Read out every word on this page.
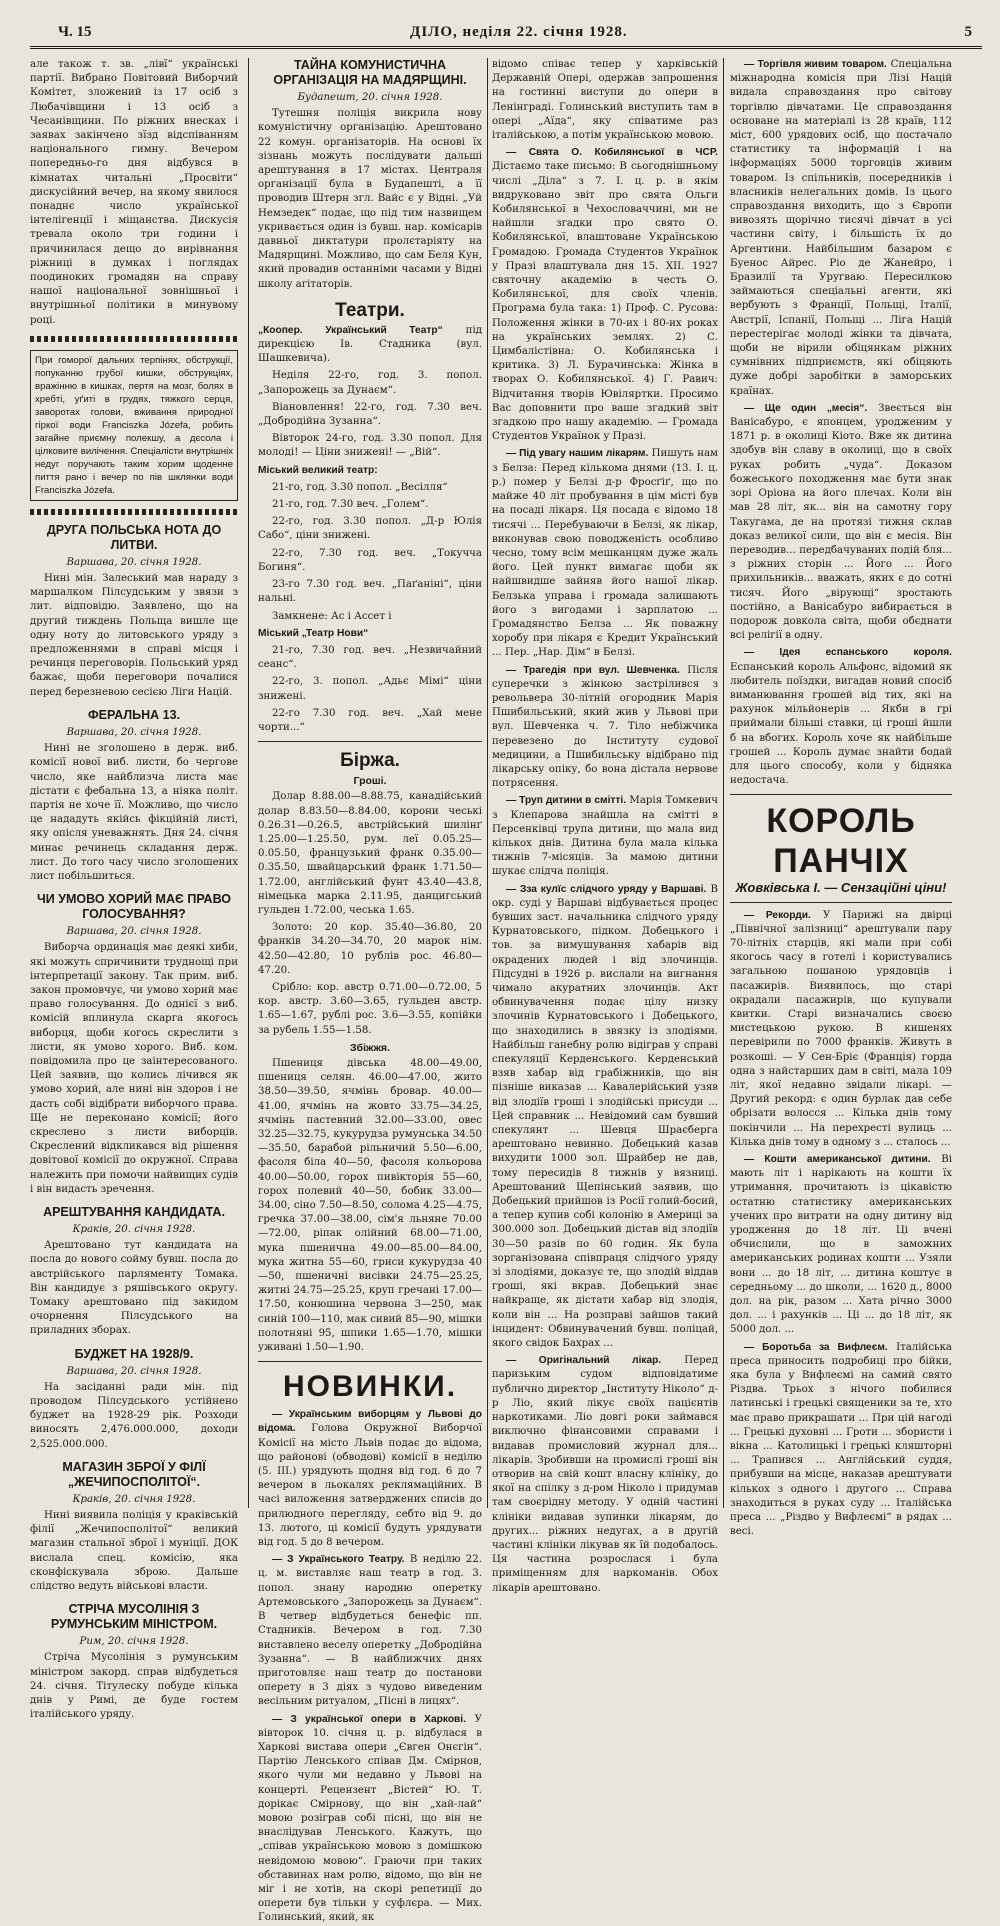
Ч. 15	ДІЛО, неділя 22. січня 1928.	5

але також т. зв. „лівї“ українські партії. Вибрано Повітовий Виборчий Комітет, зложений із 17 осіб з Любачівщини і 13 осіб з Чесанівщини. По ріжних внесках і заявах закінчено зїзд відспіванням національного гимну. Вечером попередньо-го дня відбувся в кімнатах читальні „Просвіти“ дискусійний вечер, на якому явилося понаднє число української інтелігенції і міщанства. Дискусія тревала около три години і причинилася дещо до вирівнання ріжниці в думках і поглядах поодиноких громадян на справу нашої національної зовнішньої і внутрішньої політики в минувому році.

При гоморої дальних терпінях, обструкції, попуканню грубої кишки, обструкціях, вражінню в кишках, пертя на мозг, болях в хребті, уґиті в грудях, тяжкого серця, заворотах голови, вживання природної гіркої води Franciszka Józefa, робить загайне приємну полекшу, а дєсола і цілковите вилічення. Спеціалісти внутрішніх недуг поручають таким хорим щоденне пиття рано і вечер по пів шклянки води Franciszka Józefa.
ДРУГА ПОЛЬСЬКА НОТА ДО ЛИТВИ.
Варшава, 20. січня 1928.

Нині мін. Залеський мав нараду з маршалком Пілсудським у звязи з лит. відповідю. Заявлено, що на другий тиждень Польща вишле ще одну ноту до литовського уряду з предложеннями в справі місця і речинця переговорів. Польський уряд бажає, щоби переговори почалися перед березневою сесією Ліги Націй.

ФЕРАЛЬНА 13.
Варшава, 20. січня 1928.

Нині не зголошено в держ. виб. комісії нової виб. листи, бо чергове число, яке найблизча листа має дістати є фебальна 13, а ніяка політ. партія не хоче її. Можливо, що число це нададуть якійсь фікційній листі, яку опісля уневажнять. Дня 24. січня минає речинець складання держ. лист. До того часу число зголошених лист побільшиться.

ЧИ УМОВО ХОРИЙ МАЄ ПРАВО ГОЛОСУВАННЯ?
Варшава, 20. січня 1928.

Виборча ординація має деякі хиби, які можуть спричинити труднощі при інтерпретації закону. Так прим. виб. закон промовчує, чи умово хорий має право голосування. До однієї з виб. комісій вплинула скарга якогось виборця, щоби когось скреслити з листи, як умово хорого. Виб. ком. повідомила про це заінтересованого. Цей заявив, що колись лічився як умово хорий, але нині він здоров і не дасть собі відібрати виборчого права. Ще не переконано комісії; його скреслено з листи виборців. Скреслений відкликався від рішення довітової комісії до окружної. Справа належить при помочи найвищих судів і він видасть зречення.

АРЕШТУВАННЯ КАНДИДАТА.
Краків, 20. січня 1928.

Арештовано тут кандидата на посла до нового сойму бувш. посла до австрійського парляменту Томака. Він кандидує з ряшівського округу. Томаку арештовано під закидом очорнення Пілсудського на приладних зборах.

БУДЖЕТ НА 1928/9.
Варшава, 20. січня 1928.

На засіданні ради мін. під проводом Пілсудського устійнено буджет на 1928-29 рік. Розходи виносять 2,476.000.000, доходи 2,525.000.000.

МАГАЗИН ЗБРОЇ У ФІЛЇ „ЖЕЧИПОСПОЛІТОЇ“.
Краків, 20. січня 1928.

Нині виявила поліція у краківській філії „Жечипосполітої“ великий магазин стальної зброї і муніції. ДОК вислала спец. комісію, яка сконфіскувала зброю. Дальше слідство ведуть військові власти.

СТРІЧА МУСОЛІНІЯ З РУМУНСЬКИМ МІНІСТРОМ.
Рим, 20. січня 1928.

Стріча Мусолінія з румунським міністром закорд. справ відбудеться 24. січня. Тітулеску побуде кілька днів у Римі, де буде гостем італійського уряду.

ТАЙНА КОМУНИСТИЧНА ОРГАНІЗАЦІЯ НА МАДЯРЩИНІ.
Будапешт, 20. січня 1928.

Тутешня поліція викрила нову комуністичну організацію. Арештовано 22 комун. організаторів. На основі їх зізнань можуть послідувати дальші арештування в 17 містах. Централя організації була в Будапешті, а її проводив Штерн згл. Вайс є у Відні. „Уй Немзедек“ подає, що під тим назвищем укривається один із бувш. нар. комісарів давньої диктатури пролєтаріяту на Мадярщині. Можливо, що сам Беля Кун, який провадив останніми часами у Відні школу агітаторів.

Театри.

„Коопер. Український Театр“ під дирекцією Ів. Стадника (вул. Шашкевича).

Неділя 22-го, год. 3. попол. „Запорожець за Дунаєм“.

Віановлення! 22-го, год. 7.30 веч. „Добродійна Зузанна“.

Вівторок 24-го, год. 3.30 попол. Для молоді! — Ціни знижені! — „Вій“.

Міський великий театр:

21-го, год. 3.30 попол. „Весілля“

21-го, год. 7.30 веч. „Голем“.

22-го, год. 3.30 попол. „Д-р Юлія Сабо“, ціни знижені.

22-го, 7.30 год. веч. „Токучча Богиня“.

23-го 7.30 год. веч. „Паґаніні“, ціни нальні.

Замкнене: Ас і Ассет і

Міський „Театр Нови“

21-го, 7.30 год. веч. „Незвичайний сеанс“.

22-го, 3. попол. „Адьє Мімі“ ціни знижені.

22-го 7.30 год. веч. „Хай мене чорти...“

Біржа.
Гроші.

Долар 8.88.00—8.88.75, канадійський долар 8.83.50—8.84.00, корони чеські 0.26.31—0.26.5, австрійський шилінґ 1.25.00—1.25.50, рум. леї 0.05.25—0.05.50, французький франк 0.35.00—0.35.50, швайцарський франк 1.71.50—1.72.00, англійський фунт 43.40—43.8, німецька марка 2.11.95, данцигський гульден 1.72.00, чеська 1.65.

Золото: 20 кор. 35.40—36.80, 20 франків 34.20—34.70, 20 марок нім. 42.50—42.80, 10 рублів рос. 46.80—47.20.

Срібло: кор. австр 0.71.00—0.72.00, 5 кор. австр. 3.60—3.65, гульден австр. 1.65—1.67, рублі рос. 3.6—3.55, копійки за рубель 1.55—1.58.

Збіжжя.

Пшениця дівська 48.00—49.00, пшениця селян. 46.00—47.00, жито 38.50—39.50, ячмінь бровар. 40.00—41.00, ячмінь на жовто 33.75—34.25, ячмінь пастевний 32.00—33.00, овес 32.25—32.75, кукурудза румунська 34.50—35.50, барабой рільничий 5.50—6.00, фасоля біла 40—50, фасоля кольорова 40.00—50.00, горох пивікторія 55—60, горох полевий 40—50, бобик 33.00—34.00, сіно 7.50—8.50, солома 4.25—4.75, гречка 37.00—38.00, сім'я льняне 70.00—72.00, ріпак олійний 68.00—71.00, мука пшенична 49.00—85.00—84.00, мука житна 55—60, гриси кукурудза 40—50, пшеничні висівки 24.75—25.25, житні 24.75—25.25, круп гречані 17.00—17.50, конюшина червона 3—250, мак синій 100—110, мак сивий 85—90, мішки полотняні 95, шпики 1.65—1.70, мішки уживані 1.50—1.90.

НОВИНКИ.

— Українським виборцям у Львові до відома. Голова Окружної Виборчої Комісії на місто Львів подає до відома, що районові (обводові) комісії в неділю (5. ІІІ.) урядують щодня від год. 6 до 7 вечером в льокалях реклямаційних. В часі виложення затверджених списів до прилюдного перегляду, себто від 9. до 13. лютого, ці комісії будуть урядувати від год. 5 до 8 вечером.

— З Українського Театру. В неділю 22. ц. м. виставляє наш театр в год. 3. попол. знану народню оперетку Артемовського „Запорожець за Дунаєм“. В четвер відбудеться бенефіс пп. Стадників. Вечером в год. 7.30 виставлено веселу оперетку „Добродійна Зузанна“. — В найближчих днях приготовляє наш театр до постанови оперету в 3 діях з чудово виведеним весільним ритуалом, „Пісні в лицях“.

— З української опери в Харкові. У вівторок 10. січня ц. р. відбулася в Харкові вистава опери „Євген Онєгін“. Партію Ленського співав Дм. Смірнов, якого чули ми недавно у Львові на концерті. Рецензент „Вістей“ Ю. Т. дорікає Смірнову, що він „хай-лай“ мовою розіграв собі пісні, що він не внаслідував Ленського. Кажуть, що „співав українською мовою з домішкою невідомою мовою“. Граючи при таких обставинах нам ролю, відомо, що він не міг і не хотів, на скорі репетиції до оперети був тільки у суфлєра. — Мих. Голинський, який, як

відомо співає тепер у харківській Державній Опері, одержав запрошення на гостинні виступи до опери в Ленінграді. Голинський виступить там в опері „Аїда“, яку співатиме раз італійською, а потім українською мовою.

— Свята О. Кобилянської в ЧСР. Дістаємо таке письмо: В сьогоднішньому числі „Діла“ з 7. І. ц. р. в якім видруковано звіт про свята Ольги Кобилянської в Чехословаччині, ми не найшли згадки про свято О. Кобилянської, влаштоване Українською Громадою. Громада Студентов Українок у Празі влаштувала дня 15. XII. 1927 святочну академію в честь О. Кобилянської, для своїх членів. Програма була така: 1) Проф. С. Русова: Положення жінки в 70-их і 80-их роках на українських землях. 2) С. Цимбалістівна: О. Кобилянська і критика. 3) Л. Бурачинська: Жінка в творах О. Кобилянської. 4) Г. Равич: Відчитання творів Ювіляртки. Просимо Вас доповнити про ваше згадкий звіт згадкою про нашу академію. — Громада Студентов Українок у Празі.

— Під увагу нашим лікарям. Пишуть нам з Белза: Перед кількома днями (13. І. ц. р.) помер у Белзі д-р Фросґіґ, що по майже 40 літ пробування в цім місті був на посаді лікаря. Ця посада є відомо 18 тисячі ... Перебуваючи в Белзі, як лікар, виконував свою поводженість особливо чесно, тому всім мешканцям дуже жаль його. Цей пункт вимагає щоби як найшвидше зайняв його нашої лікар. Белзька управа і громада залишають його з вигодами і зарплатою ... Громадянство Белза ... Як поважну хоробу при лікаря є Кредит Український ... Пер. „Нар. Дім“ в Белзі.

— Трагедія при вул. Шевченка. Після суперечки з жінкою застрілився з револьвера 30-літній огородник Марія Пшибильський, який жив у Львові при вул. Шевченка ч. 7. Тіло небіжчика перевезено до Інституту судової медицини, а Пшибильську відібрано під лікарську опіку, бо вона дістала нервове потрясення.

— Труп дитини в смітті. Марія Томкевич з Клепарова знайшла на смітті в Персенківці трупа дитини, що мала вид кількох днів. Дитина була мала кілька тижнів 7-місяців. За мамою дитини шукає слідча поліція.

— Зза кулїс слідчого уряду у Варшаві. В окр. суді у Варшаві відбувається процес бувших заст. начальника слідчого уряду Курнатовського, підком. Добецького і тов. за вимушування хабарів від окрадених людей і від злочинців. Підсудні в 1926 р. вислали на вигнання чимало акуратних злочинців. Акт обвинувачення подає цілу низку злочинів Курнатовського і Добецького, що знаходились в звязку із злодіями. Найбільш ганебну ролю відіграв у справі спекуляції Керденського. Керденський взяв хабар від грабіжників, що він пізніше виказав ... Кавалерійський узяв від злодіїв гроші і злодійські присуди ... Цей справник ... Невідомий сам бувший спекулянт ... Шевця Шраєберга арештовано невинно. Добецький казав вихудити 1000 зол. Шрайбер не дав, тому пересидів 8 тижнів у вязниці. Арештований Щепінський заявив, що Добецький прийшов із Росії голий-босий, а тепер купив собі колонію в Америці за 300.000 зол. Добецький дістав від злодіїв 30—50 разів по 60 годин. Як була зорганізована співпраця слідчого уряду зі злодіями, доказує те, що злодій віддав гроші, які вкрав. Добецький знає найкраще, як дістати хабар від злодія, коли він ... На розправі зайшов такий інцидент: Обвинувачений бувш. поліцай, якого свідок Бахрах ...

— Оригінальний лікар. Перед паризьким судом відповідатиме публично директор „Інституту Ніколо“ д-р Ліо, який лікує своїх пацієнтів наркотиками. Ліо довгі роки займався виключно фінансовими справами і видавав промисловий журнал для... лікарів. Зробивши на промислі гроші він отворив на свій кошт власну клініку, до якої на спілку з д-ром Ніколо і придумав там своєрідну методу. У одній частині клініки видавав зупинки лікарям, до других... ріжних недугах, а в другій частині клініки лікував як їй подобалось. Ця частина розрослася і була приміщенням для наркоманів. Обох лікарів арештовано.

— Торгівля живим товаром. Спеціальна міжнародна комісія при Лізі Націй видала справоздання про світову торгівлю дівчатами. Це справоздання основане на матеріалі із 28 країв, 112 міст, 600 урядових осіб, що постачало статистику та інформацій і на інформаціях 5000 торговців живим товаром. Із спільників, посередників і власників нелегальних домів. Із цього справоздання виходить, що з Європи вивозять щорічно тисячі дівчат в усі частини світу, і більшість їх до Аргентини. Найбільшим базаром є Буенос Айрес. Ріо де Жанейро, і Бразилії та Уругваю. Пересилкою займаються спеціальні агенти, які вербують з Франції, Польщі, Італії, Австрії, Іспанії, Польщі ... Ліга Націй перестерігає молоді жінки та дівчата, щоби не вірили обіцянкам ріжних сумнівних підприємств, які обіцяють дуже добрі заробітки в заморських країнах.

— Ще один „месія“. Звеється він Ванісабуро, є японцем, уродженим у 1871 р. в околиці Кіото. Вже як дитина здобув він славу в околиці, що в своїх руках робить „чуда“. Доказом божеського походження має бути знак зорі Оріона на його плечах. Коли він мав 28 літ, як... він на самотну гору Такугама, де на протязі тижня склав доказ великої сили, що він є месія. Він переводив... передбачуваних подій бля... з ріжних сторін ... Його ... Його прихильників... вважать, яких є до сотні тисяч. Його „вірующі“ зростають постійно, а Ванісабуро вибирається в подорож довкола світа, щоби обєднати всі релігії в одну.

— Ідея еспанського короля. Еспанський король Альфонс, відомий як любитель поїздки, вигадав новий спосіб виманювання грошей від тих, які на рахунок мільйонерів ... Якби в грі приймали більші ставки, ці гроші йшли б на вбогих. Король хоче як найбільше грошей ... Король думає знайти бодай для цього способу, коли у бідняка недостача.

КОРОЛЬ ПАНЧІХ
Жовківська І. — Сензаційні ціни!

— Рекорди. У Парижі на двірці „Північної залізниці“ арештували пару 70-літніх старців, які мали при собі якогось часу в готелі і користувались загальною пошаною урядовців і пасажирів. Виявилось, що старі окрадали пасажирів, що купували квитки. Старі визначались своєю мистецькою рукою. В кишенях перевірили по 7000 франків. Живуть в розкоші. — У Сен-Бріє (Франція) горда одна з найстарших дам в світі, мала 109 літ, якої недавно звідали лікарі. — Другий рекорд: є один бурлак дав себе обрізати волосся ... Кілька днів тому покінчили ... На перехресті вулиць ... Кілька днів тому в одному з ... сталось ...

— Кошти американської дитини. Ві мають літ і нарікають на кошти їх утримання, прочитають із цікавістю остатню статистику американських учених про витрати на одну дитину від уродження до 18 літ. Ці вчені обчислили, що в заможних американських родинах кошти ... Узяли вони ... до 18 літ, ... дитина коштує в середньому ... до школи, ... 1620 д., 8000 дол. на рік, разом ... Хата річно 3000 дол. ... і рахунків ... Ці ... до 18 літ, як 5000 дол. ...

— Боротьба за Вифлеєм. Італійська преса приносить подробиці про бійки, яка була у Вифлеємі на самий свято Різдва. Трьох з нічого побилися латинські і грецькі священики за те, хто має право прикрашати ... При цій нагоді ... Грецькі духовні ... Гроти ... збористи і вікна ... Католицькі і грецькі кляшторні ... Трапився ... Англійський суддя, прибувши на місце, наказав арештувати кількох з одного і другого ... Справа знаходиться в руках суду ... Італійська преса ... „Різдво у Вифлеємі“ в рядах ... весі.
